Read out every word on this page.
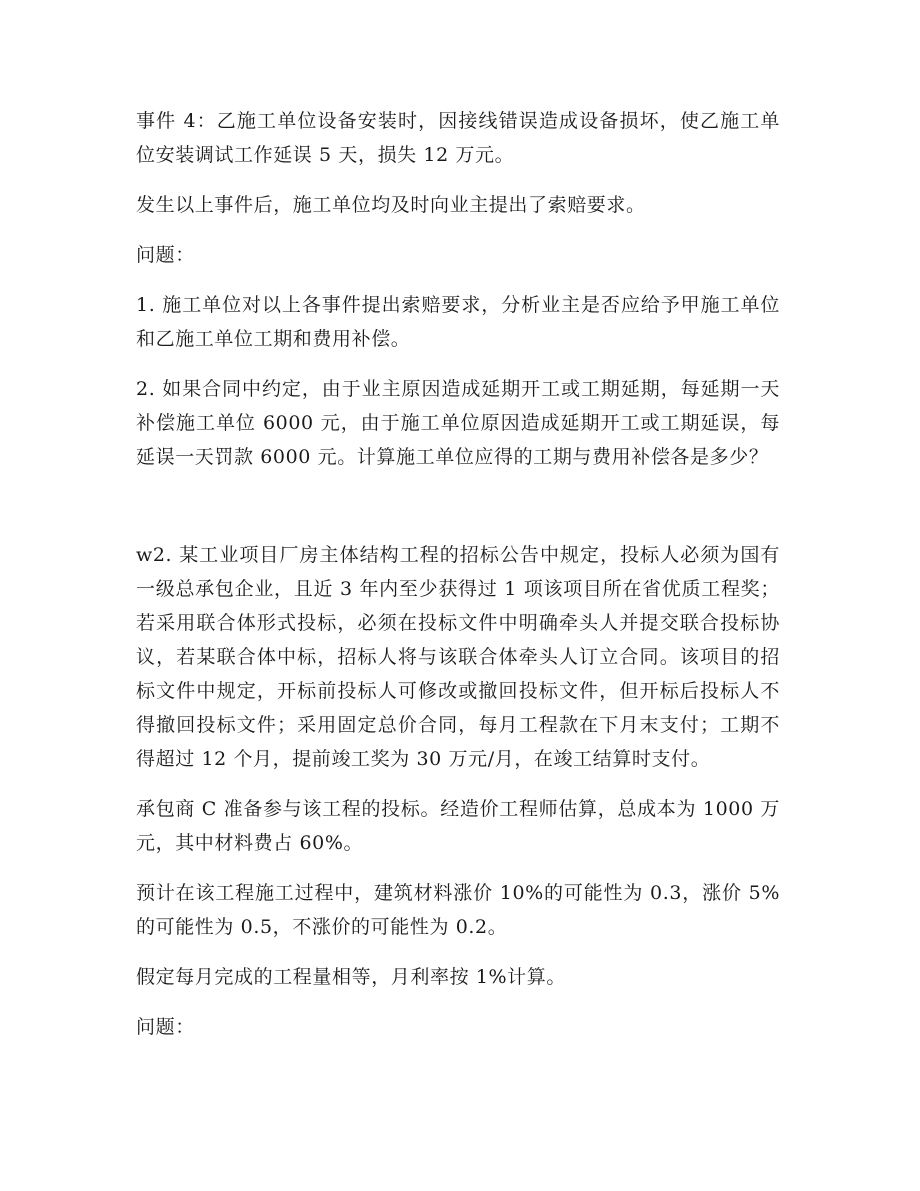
事件 4：乙施工单位设备安装时，因接线错误造成设备损坏，使乙施工单位安装调试工作延误 5 天，损失 12 万元。

发生以上事件后，施工单位均及时向业主提出了索赔要求。

问题：

1. 施工单位对以上各事件提出索赔要求，分析业主是否应给予甲施工单位和乙施工单位工期和费用补偿。

2. 如果合同中约定，由于业主原因造成延期开工或工期延期，每延期一天补偿施工单位 6000 元，由于施工单位原因造成延期开工或工期延误，每延误一天罚款 6000 元。计算施工单位应得的工期与费用补偿各是多少？

w2. 某工业项目厂房主体结构工程的招标公告中规定，投标人必须为国有一级总承包企业，且近 3 年内至少获得过 1 项该项目所在省优质工程奖；若采用联合体形式投标，必须在投标文件中明确牵头人并提交联合投标协议，若某联合体中标，招标人将与该联合体牵头人订立合同。该项目的招标文件中规定，开标前投标人可修改或撤回投标文件，但开标后投标人不得撤回投标文件；采用固定总价合同，每月工程款在下月末支付；工期不得超过 12 个月，提前竣工奖为 30 万元/月，在竣工结算时支付。

承包商 C 准备参与该工程的投标。经造价工程师估算，总成本为 1000 万元，其中材料费占 60%。

预计在该工程施工过程中，建筑材料涨价 10%的可能性为 0.3，涨价 5%的可能性为 0.5，不涨价的可能性为 0.2。

假定每月完成的工程量相等，月利率按 1%计算。

问题：
